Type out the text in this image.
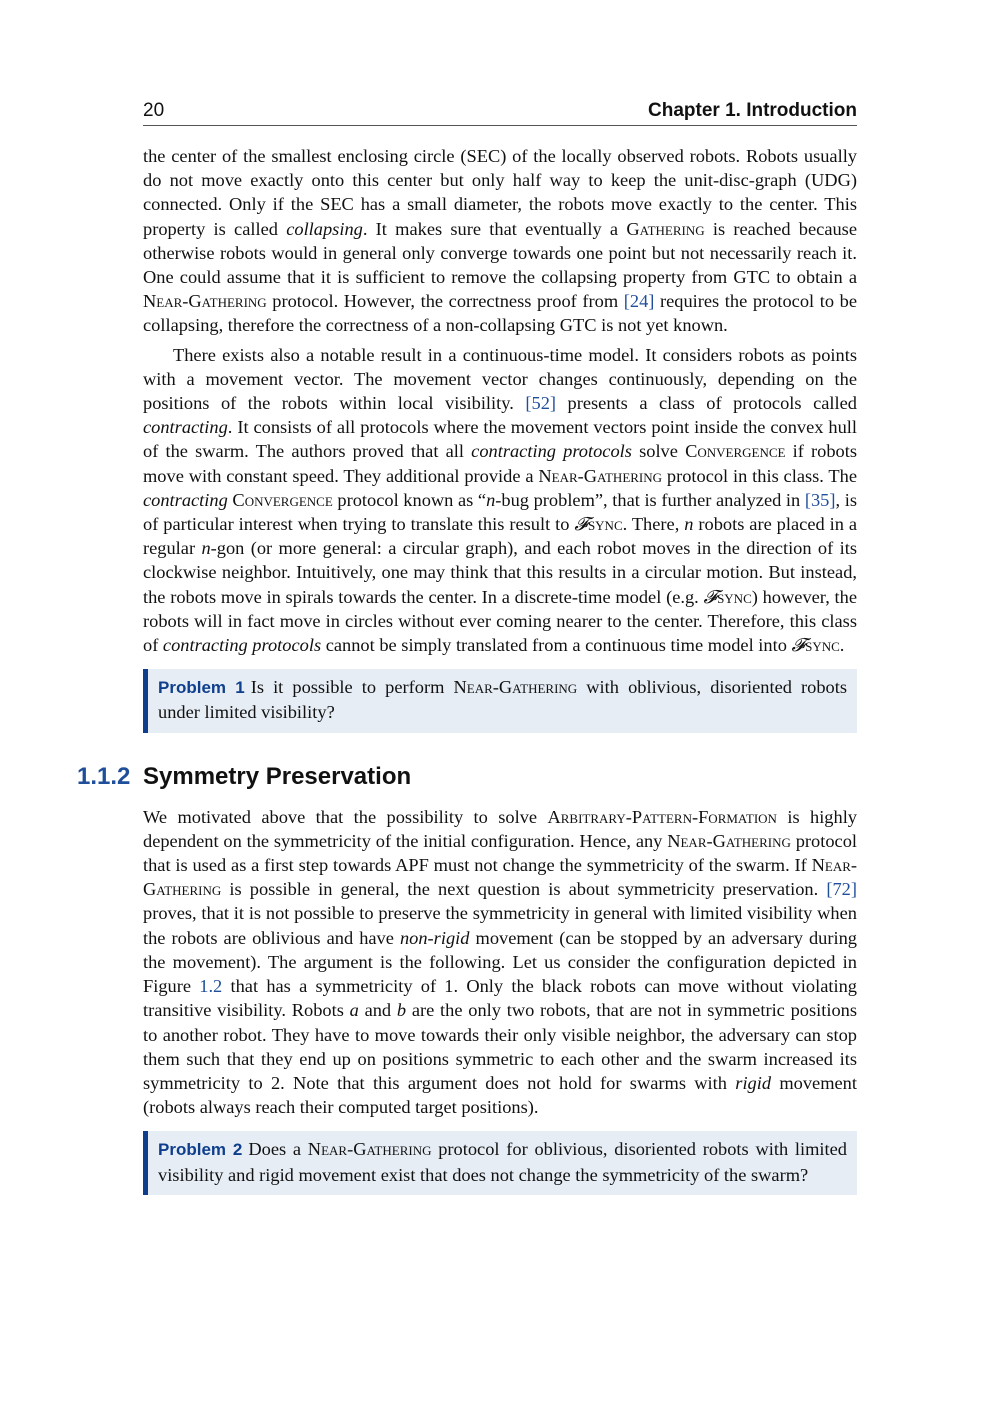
20	Chapter 1. Introduction

the center of the smallest enclosing circle (SEC) of the locally observed robots. Robots usually do not move exactly onto this center but only half way to keep the unit-disc-graph (UDG) connected. Only if the SEC has a small diameter, the robots move exactly to the center. This property is called collapsing. It makes sure that eventually a Gathering is reached because otherwise robots would in general only converge towards one point but not necessarily reach it. One could assume that it is sufficient to remove the collapsing property from GTC to obtain a Near-Gathering protocol. However, the correctness proof from [24] requires the protocol to be collapsing, therefore the correctness of a non-collapsing GTC is not yet known.

There exists also a notable result in a continuous-time model. It considers robots as points with a movement vector. The movement vector changes continuously, depending on the positions of the robots within local visibility. [52] presents a class of protocols called contracting. It consists of all protocols where the movement vectors point inside the convex hull of the swarm. The authors proved that all contracting protocols solve Convergence if robots move with constant speed. They additional provide a Near-Gathering protocol in this class. The contracting Convergence protocol known as “n-bug problem”, that is further analyzed in [35], is of particular interest when trying to translate this result to 𝓕sync. There, n robots are placed in a regular n-gon (or more general: a circular graph), and each robot moves in the direction of its clockwise neighbor. Intuitively, one may think that this results in a circular motion. But instead, the robots move in spirals towards the center. In a discrete-time model (e.g. 𝓕sync) however, the robots will in fact move in circles without ever coming nearer to the center. Therefore, this class of contracting protocols cannot be simply translated from a continuous time model into 𝓕sync.

Problem 1 Is it possible to perform Near-Gathering with oblivious, disoriented robots under limited visibility?
1.1.2 Symmetry Preservation

We motivated above that the possibility to solve Arbitrary-Pattern-Formation is highly dependent on the symmetricity of the initial configuration. Hence, any Near-Gathering protocol that is used as a first step towards APF must not change the symmetricity of the swarm. If Near-Gathering is possible in general, the next question is about symmetricity preservation. [72] proves, that it is not possible to preserve the symmetricity in general with limited visibility when the robots are oblivious and have non-rigid movement (can be stopped by an adversary during the movement). The argument is the following. Let us consider the configuration depicted in Figure 1.2 that has a symmetricity of 1. Only the black robots can move without violating transitive visibility. Robots a and b are the only two robots, that are not in symmetric positions to another robot. They have to move towards their only visible neighbor, the adversary can stop them such that they end up on positions symmetric to each other and the swarm increased its symmetricity to 2. Note that this argument does not hold for swarms with rigid movement (robots always reach their computed target positions).

Problem 2 Does a Near-Gathering protocol for oblivious, disoriented robots with limited visibility and rigid movement exist that does not change the symmetricity of the swarm?
